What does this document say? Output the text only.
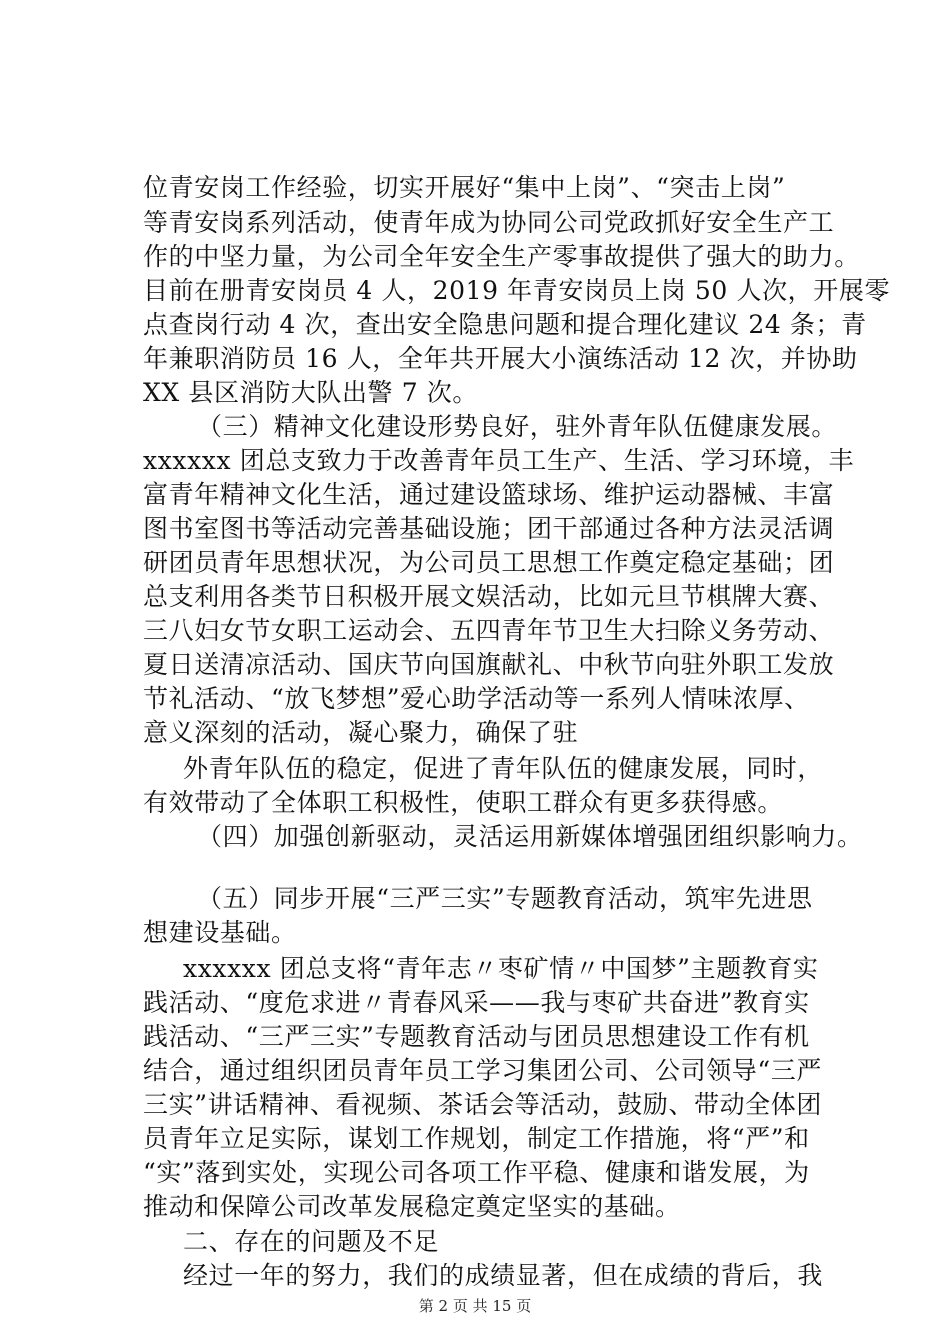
位青安岗工作经验，切实开展好“集中上岗”、“突击上岗”
等青安岗系列活动，使青年成为协同公司党政抓好安全生产工
作的中坚力量，为公司全年安全生产零事故提供了强大的助力。
目前在册青安岗员 4 人，2019 年青安岗员上岗 50 人次，开展零
点查岗行动 4 次，查出安全隐患问题和提合理化建议 24 条；青
年兼职消防员 16 人，全年共开展大小演练活动 12 次，并协助
XX 县区消防大队出警 7 次。
（三）精神文化建设形势良好，驻外青年队伍健康发展。
xxxxxx 团总支致力于改善青年员工生产、生活、学习环境，丰
富青年精神文化生活，通过建设篮球场、维护运动器械、丰富
图书室图书等活动完善基础设施；团干部通过各种方法灵活调
研团员青年思想状况，为公司员工思想工作奠定稳定基础；团
总支利用各类节日积极开展文娱活动，比如元旦节棋牌大赛、
三八妇女节女职工运动会、五四青年节卫生大扫除义务劳动、
夏日送清凉活动、国庆节向国旗献礼、中秋节向驻外职工发放
节礼活动、“放飞梦想”爱心助学活动等一系列人情味浓厚、
意义深刻的活动，凝心聚力，确保了驻
外青年队伍的稳定，促进了青年队伍的健康发展，同时，
有效带动了全体职工积极性，使职工群众有更多获得感。
（四）加强创新驱动，灵活运用新媒体增强团组织影响力。
（五）同步开展“三严三实”专题教育活动，筑牢先进思
想建设基础。
xxxxxx 团总支将“青年志〃枣矿情〃中国梦”主题教育实
践活动、“度危求进〃青春风采——我与枣矿共奋进”教育实
践活动、“三严三实”专题教育活动与团员思想建设工作有机
结合，通过组织团员青年员工学习集团公司、公司领导“三严
三实”讲话精神、看视频、茶话会等活动，鼓励、带动全体团
员青年立足实际，谋划工作规划，制定工作措施，将“严”和
“实”落到实处，实现公司各项工作平稳、健康和谐发展，为
推动和保障公司改革发展稳定奠定坚实的基础。
二、存在的问题及不足
经过一年的努力，我们的成绩显著，但在成绩的背后，我
第 2 页 共 15 页
